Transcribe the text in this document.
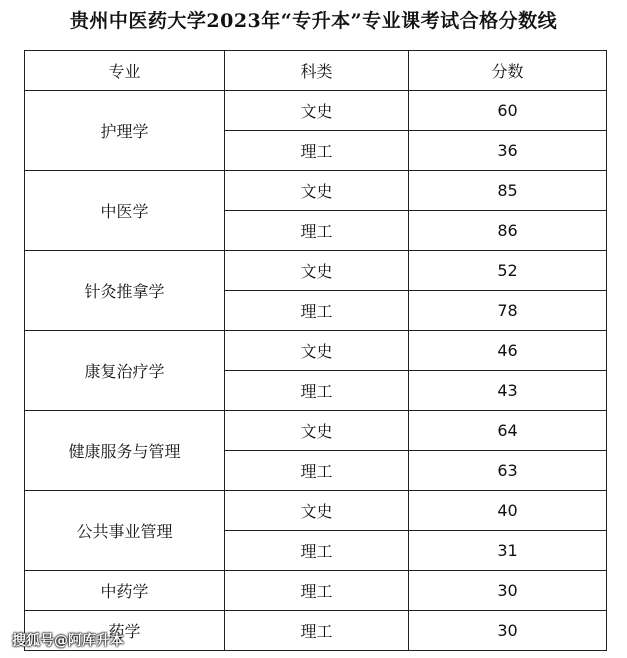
贵州中医药大学2023年“专升本”专业课考试合格分数线
专业	科类	分数
护理学	文史	60
	理工	36
中医学	文史	85
	理工	86
针灸推拿学	文史	52
	理工	78
康复治疗学	文史	46
	理工	43
健康服务与管理	文史	64
	理工	63
公共事业管理	文史	40
	理工	31
中药学	理工	30
药学	理工	30
搜狐号@阿库升本
